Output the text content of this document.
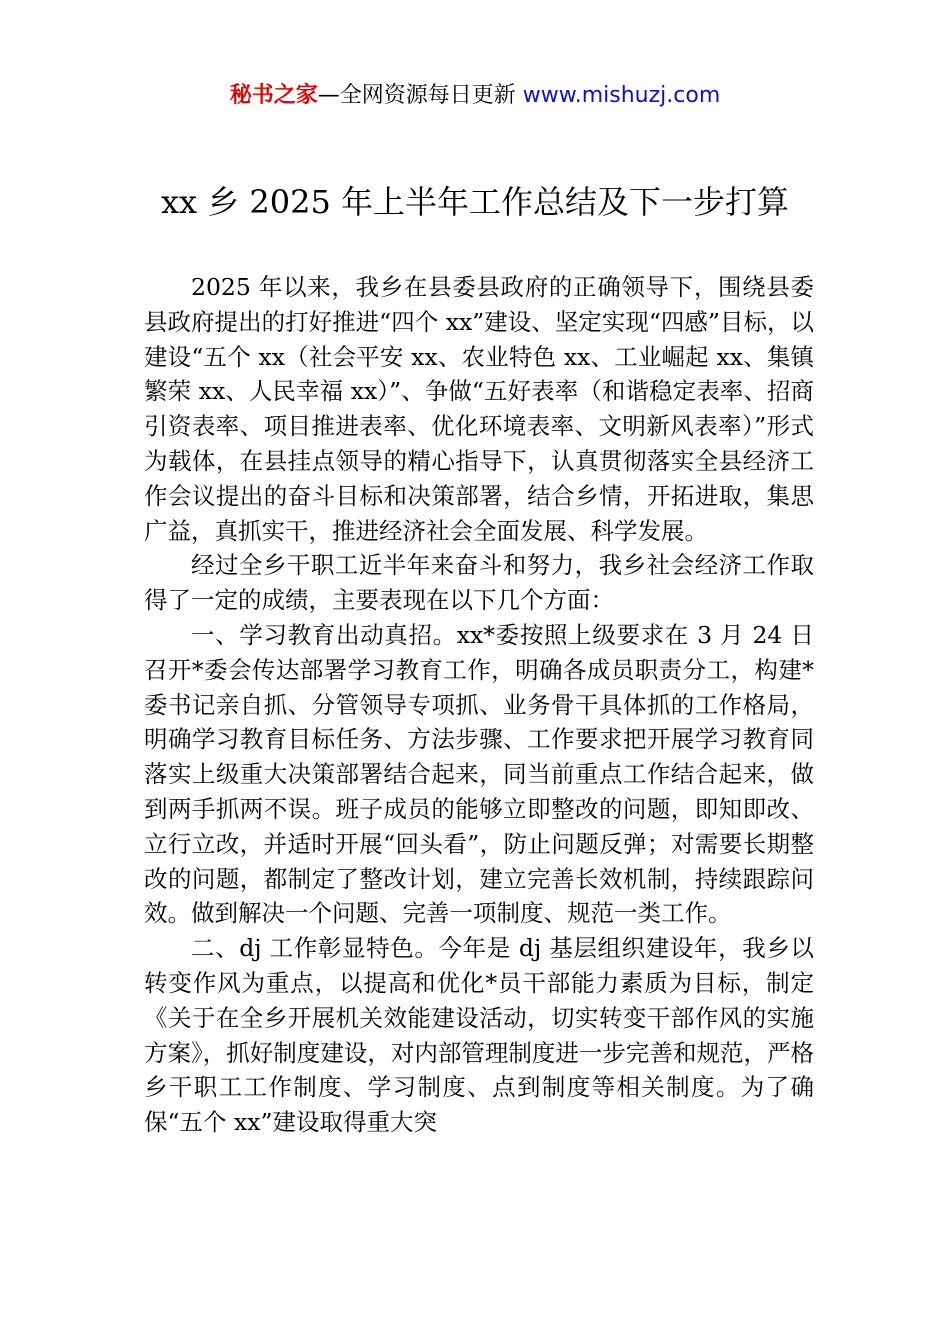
秘书之家—全网资源每日更新 www.mishuzj.com
xx 乡 2025 年上半年工作总结及下一步打算

2025 年以来，我乡在县委县政府的正确领导下，围绕县委县政府提出的打好推进“四个 xx”建设、坚定实现“四感”目标，以建设“五个 xx（社会平安 xx、农业特色 xx、工业崛起 xx、集镇繁荣 xx、人民幸福 xx）”、争做“五好表率（和谐稳定表率、招商引资表率、项目推进表率、优化环境表率、文明新风表率）”形式为载体，在县挂点领导的精心指导下，认真贯彻落实全县经济工作会议提出的奋斗目标和决策部署，结合乡情，开拓进取，集思广益，真抓实干，推进经济社会全面发展、科学发展。

经过全乡干职工近半年来奋斗和努力，我乡社会经济工作取得了一定的成绩，主要表现在以下几个方面：

一、学习教育出动真招。xx*委按照上级要求在 3 月 24 日召开*委会传达部署学习教育工作，明确各成员职责分工，构建*委书记亲自抓、分管领导专项抓、业务骨干具体抓的工作格局，明确学习教育目标任务、方法步骤、工作要求把开展学习教育同落实上级重大决策部署结合起来，同当前重点工作结合起来，做到两手抓两不误。班子成员的能够立即整改的问题，即知即改、立行立改，并适时开展“回头看”，防止问题反弹；对需要长期整改的问题，都制定了整改计划，建立完善长效机制，持续跟踪问效。做到解决一个问题、完善一项制度、规范一类工作。

二、dj 工作彰显特色。今年是 dj 基层组织建设年，我乡以转变作风为重点，以提高和优化*员干部能力素质为目标，制定《关于在全乡开展机关效能建设活动，切实转变干部作风的实施方案》，抓好制度建设，对内部管理制度进一步完善和规范，严格乡干职工工作制度、学习制度、点到制度等相关制度。为了确保“五个 xx”建设取得重大突
